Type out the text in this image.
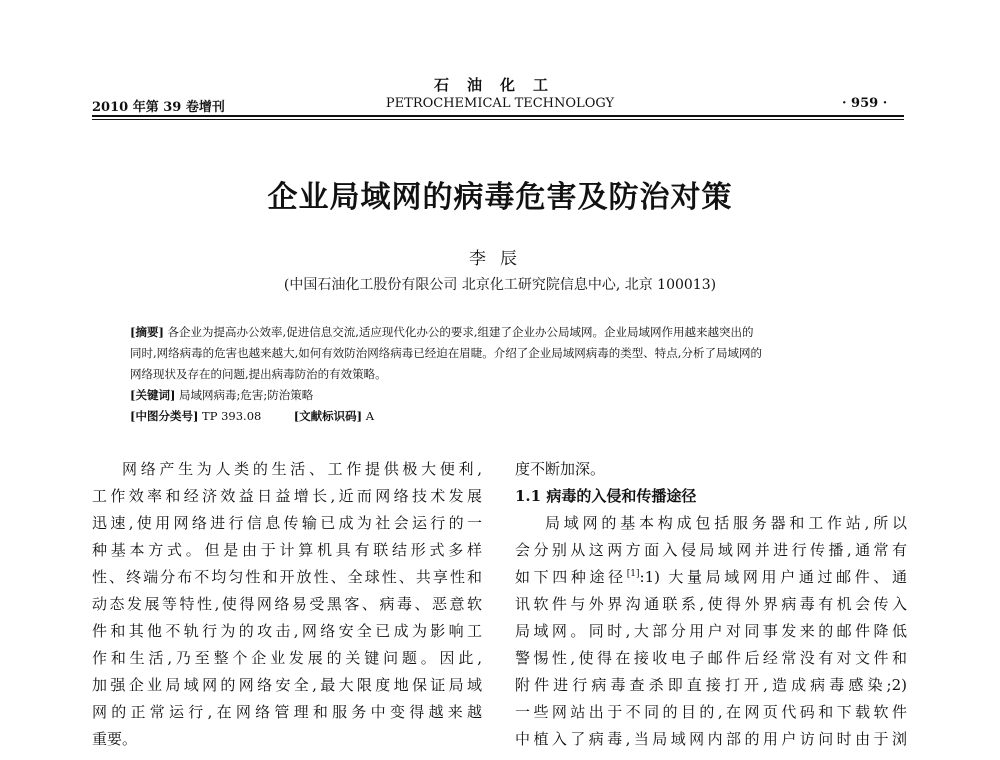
石油化工
2010 年第 39 卷增刊	PETROCHEMICAL TECHNOLOGY	· 959 ·
企业局域网的病毒危害及防治对策
李辰
(中国石油化工股份有限公司 北京化工研究院信息中心, 北京 100013)
[摘要] 各企业为提高办公效率,促进信息交流,适应现代化办公的要求,组建了企业办公局域网。企业局域网作用越来越突出的
同时,网络病毒的危害也越来越大,如何有效防治网络病毒已经迫在眉睫。介绍了企业局域网病毒的类型、特点,分析了局域网的
网络现状及存在的问题,提出病毒防治的有效策略。
[关键词] 局域网病毒;危害;防治策略
[中图分类号] TP 393.08	[文献标识码] A
网络产生为人类的生活、工作提供极大便利,
工作效率和经济效益日益增长,近而网络技术发展
迅速,使用网络进行信息传输已成为社会运行的一
种基本方式。但是由于计算机具有联结形式多样
性、终端分布不均匀性和开放性、全球性、共享性和
动态发展等特性,使得网络易受黑客、病毒、恶意软
件和其他不轨行为的攻击,网络安全已成为影响工
作和生活,乃至整个企业发展的关键问题。因此,
加强企业局域网的网络安全,最大限度地保证局域
网的正常运行,在网络管理和服务中变得越来越
重要。
度不断加深。
1.1 病毒的入侵和传播途径
局域网的基本构成包括服务器和工作站,所以
会分别从这两方面入侵局域网并进行传播,通常有
如下四种途径[1]:1) 大量局域网用户通过邮件、通
讯软件与外界沟通联系,使得外界病毒有机会传入
局域网。同时,大部分用户对同事发来的邮件降低
警惕性,使得在接收电子邮件后经常没有对文件和
附件进行病毒查杀即直接打开,造成病毒感染;2)
一些网站出于不同的目的,在网页代码和下载软件
中植入了病毒,当局域网内部的用户访问时由于浏
